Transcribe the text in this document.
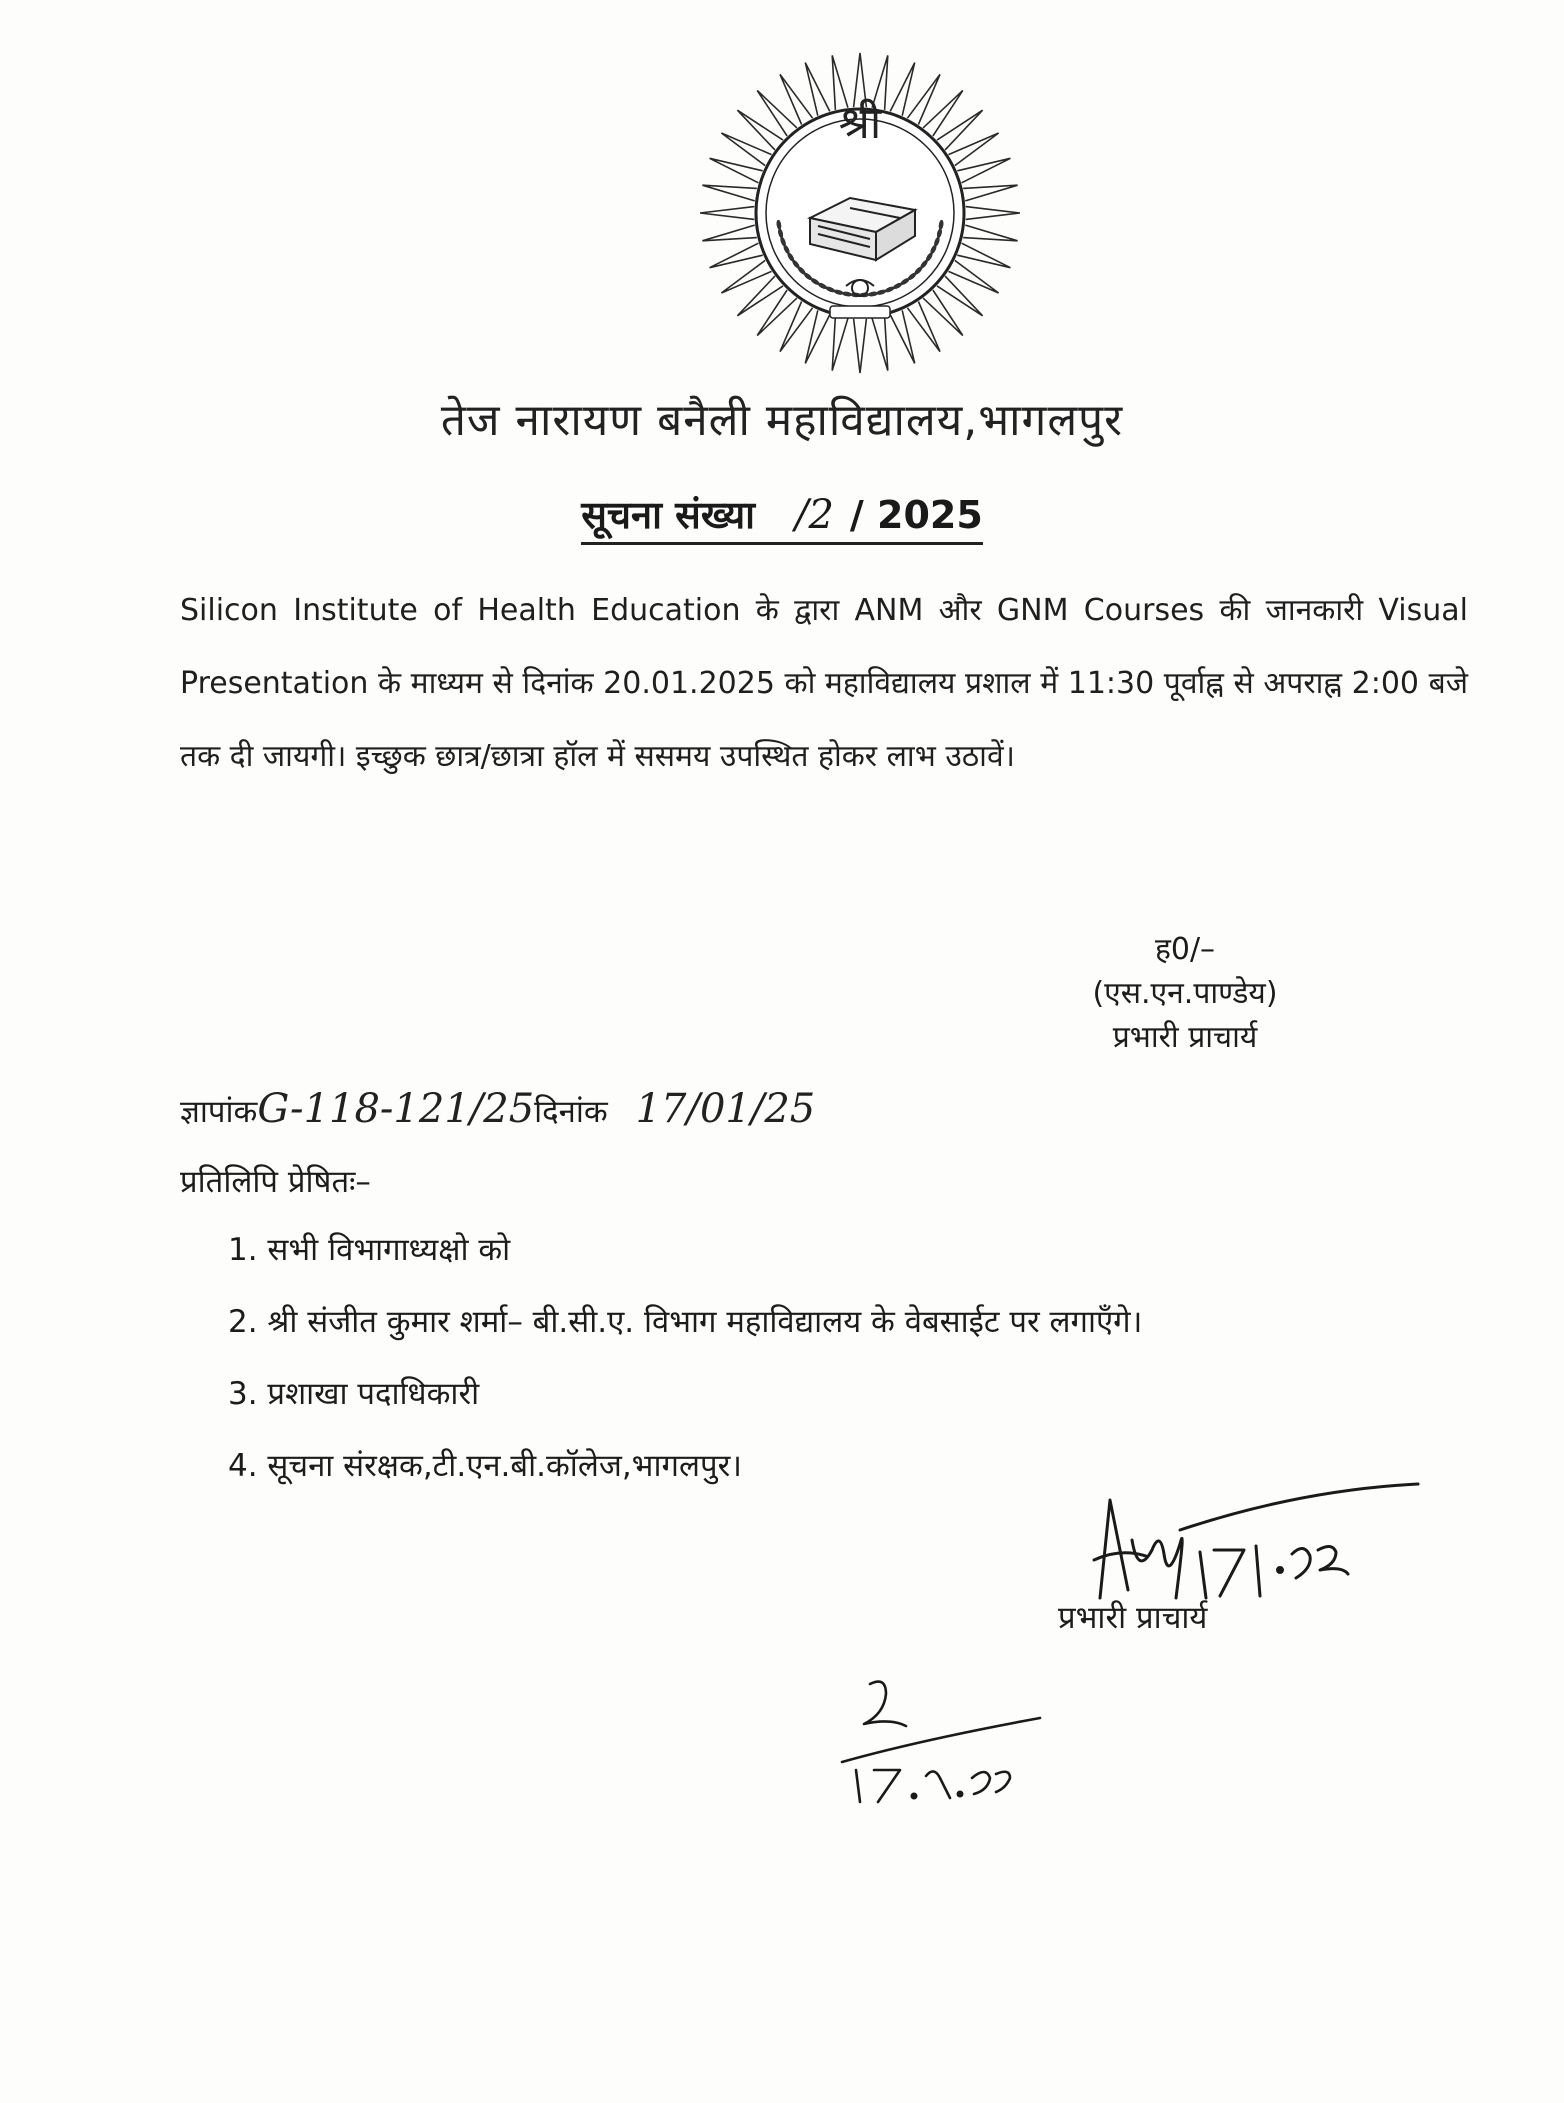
श्री
तेज नारायण बनैली महाविद्यालय,भागलपुर
सूचना संख्या /2 / 2025
Silicon Institute of Health Education के द्वारा ANM और GNM Courses की जानकारी Visual Presentation के माध्यम से दिनांक 20.01.2025 को महाविद्यालय प्रशाल में 11:30 पूर्वाह्न से अपराह्न 2:00 बजे तक दी जायगी। इच्छुक छात्र/छात्रा हॉल में ससमय उपस्थित होकर लाभ उठावें।
ह0/–
(एस.एन.पाण्डेय)
प्रभारी प्राचार्य
ज्ञापांकG-118-121/25दिनांक 17/01/25
प्रतिलिपि प्रेषितः–
1. सभी विभागाध्यक्षो को
2. श्री संजीत कुमार शर्मा– बी.सी.ए. विभाग महाविद्यालय के वेबसाईट पर लगाएँगे।
3. प्रशाखा पदाधिकारी
4. सूचना संरक्षक,टी.एन.बी.कॉलेज,भागलपुर।
17.1.25
प्रभारी प्राचार्य
17.1.25
